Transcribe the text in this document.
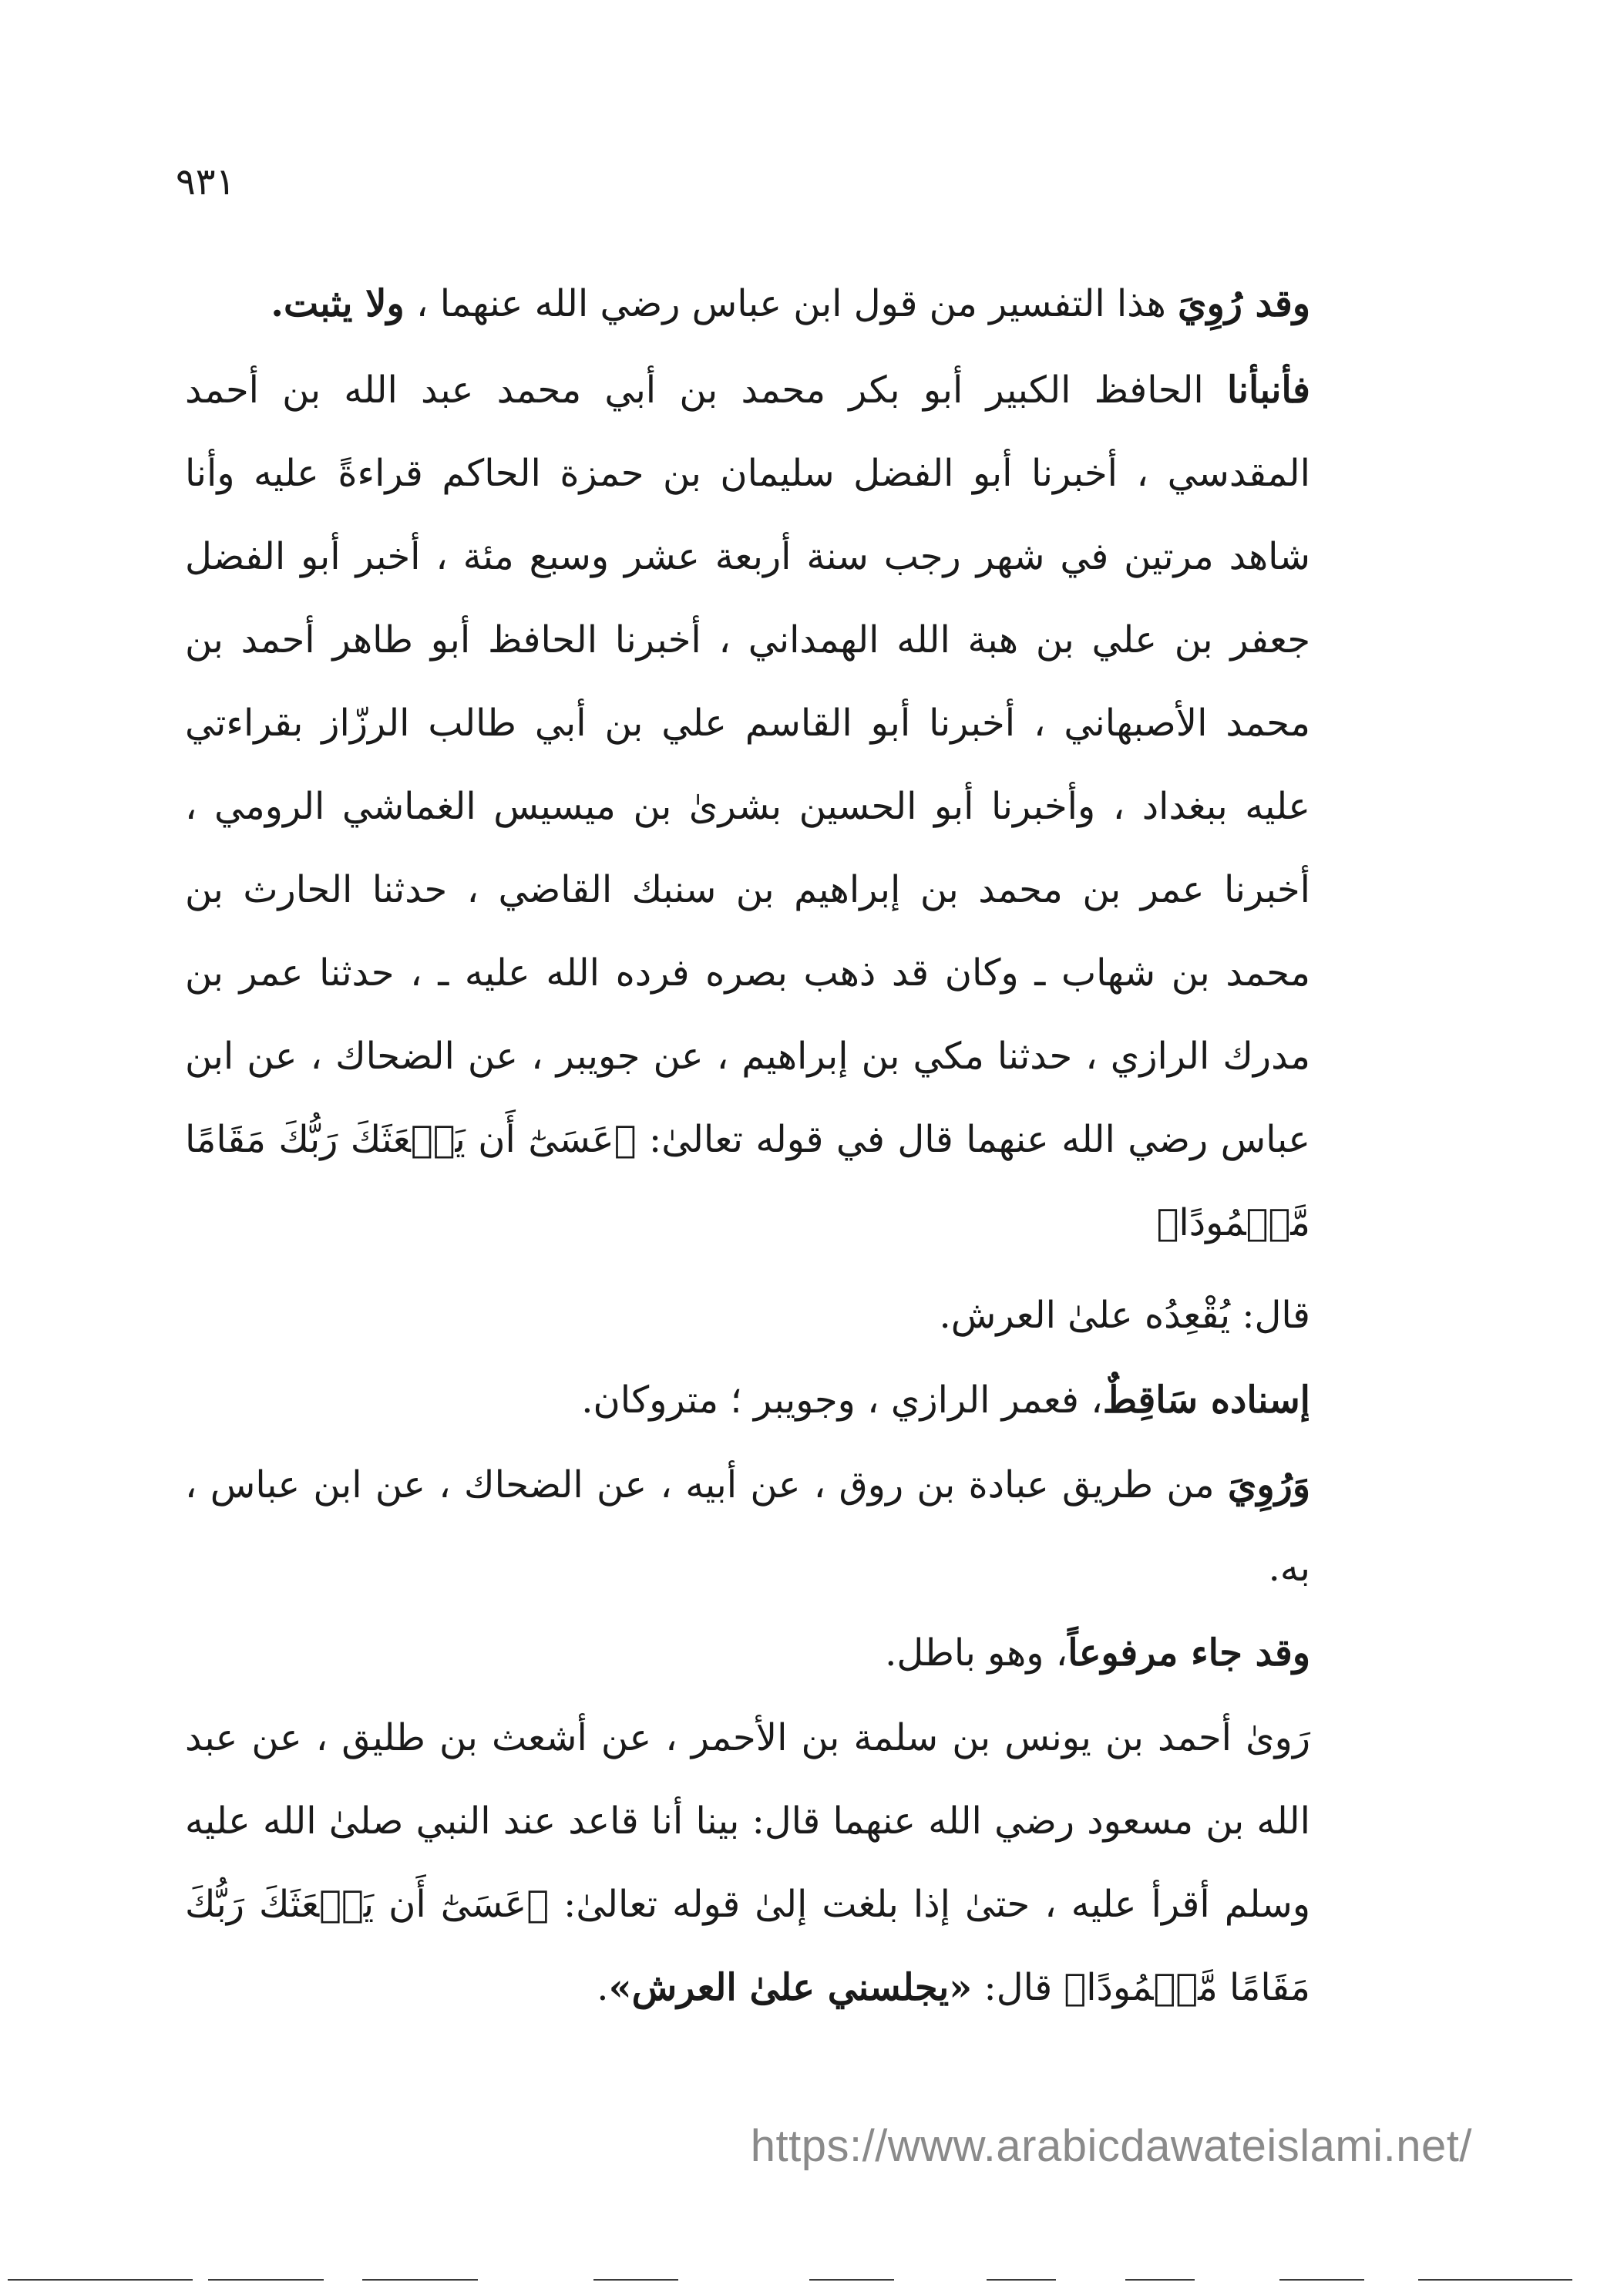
٩٣١

وقد رُوِيَ هذا التفسير من قول ابن عباس رضي الله عنهما ، ولا يثبت.

فأنبأنا الحافظ الكبير أبو بكر محمد بن أبي محمد عبد الله بن أحمد المقدسي ، أخبرنا أبو الفضل سليمان بن حمزة الحاكم قراءةً عليه وأنا شاهد مرتين في شهر رجب سنة أربعة عشر وسبع مئة ، أخبر أبو الفضل جعفر بن علي بن هبة الله الهمداني ، أخبرنا الحافظ أبو طاهر أحمد بن محمد الأصبهاني ، أخبرنا أبو القاسم علي بن أبي طالب الرزّاز بقراءتي عليه ببغداد ، وأخبرنا أبو الحسين بشرىٰ بن ميسيس الغماشي الرومي ، أخبرنا عمر بن محمد بن إبراهيم بن سنبك القاضي ، حدثنا الحارث بن محمد بن شهاب ـ وكان قد ذهب بصره فرده الله عليه ـ ، حدثنا عمر بن مدرك الرازي ، حدثنا مكي بن إبراهيم ، عن جويبر ، عن الضحاك ، عن ابن عباس رضي الله عنهما قال في قوله تعالىٰ: ﴿عَسَىٰٓ أَن يَبۡعَثَكَ رَبُّكَ مَقَامًا مَّحۡمُودًا﴾

قال: يُقْعِدُه علىٰ العرش.

إسناده سَاقِطٌ، فعمر الرازي ، وجويبر ؛ متروكان.

وَرُوِيَ من طريق عبادة بن روق ، عن أبيه ، عن الضحاك ، عن ابن عباس ، به.

وقد جاء مرفوعاً، وهو باطل.

رَوىٰ أحمد بن يونس بن سلمة بن الأحمر ، عن أشعث بن طليق ، عن عبد الله بن مسعود رضي الله عنهما قال: بينا أنا قاعد عند النبي صلىٰ الله عليه وسلم أقرأ عليه ، حتىٰ إذا بلغت إلىٰ قوله تعالىٰ: ﴿عَسَىٰٓ أَن يَبۡعَثَكَ رَبُّكَ مَقَامًا مَّحۡمُودًا﴾ قال: «يجلسني علىٰ العرش».

https://www.arabicdawateislami.net/
